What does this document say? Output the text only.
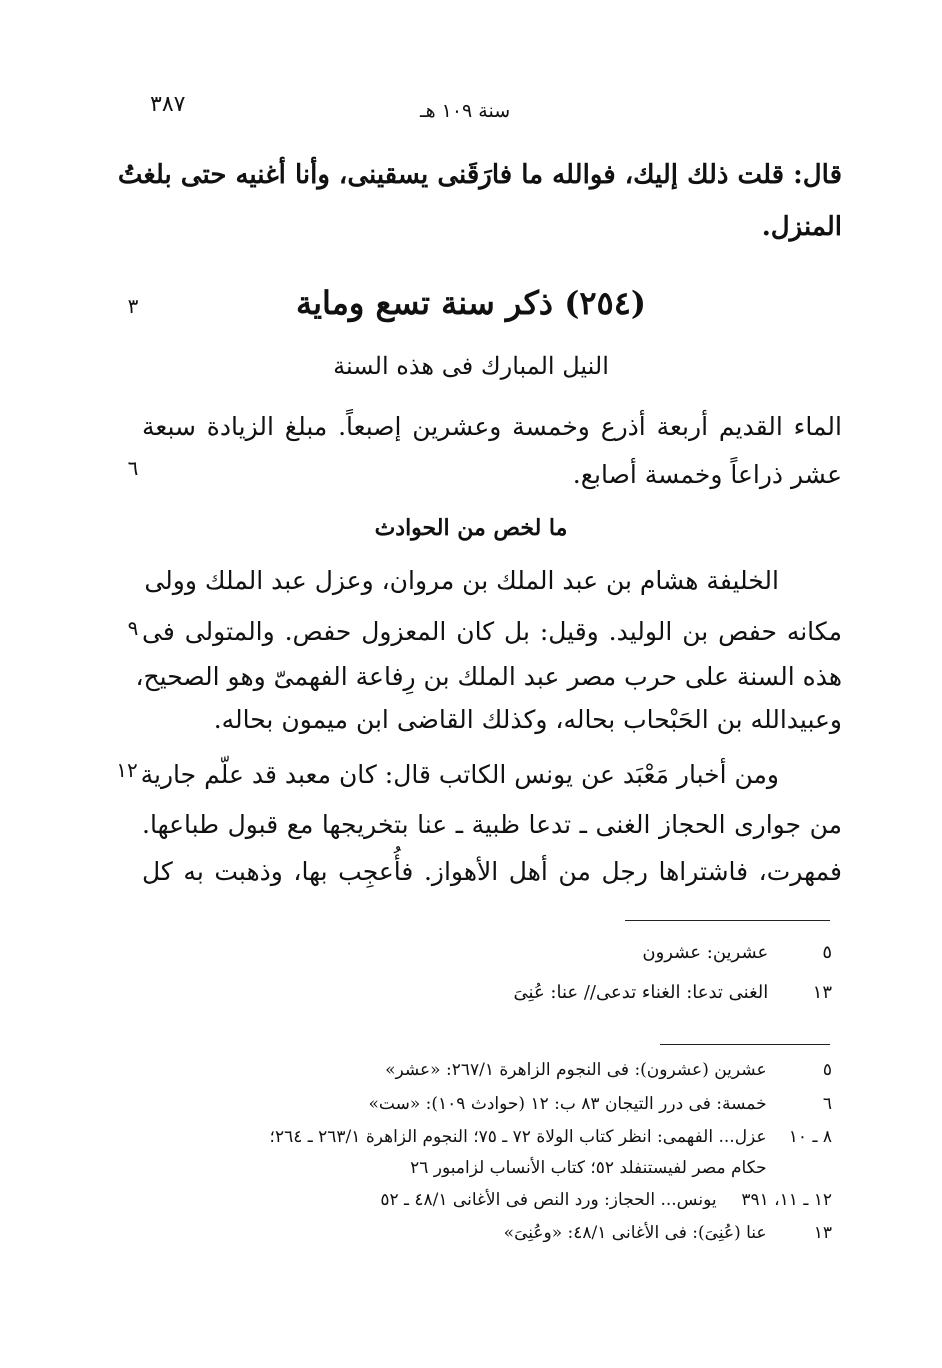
٣٨٧	سنة ١٠٩ هـ
قال: قلت ذلك إليك، فوالله ما فارَقَنى يسقينى، وأنا أغنيه حتى بلغتُ
المنزل.
(٢٥٤) ذكر سنة تسع وماية
٣
النيل المبارك فى هذه السنة
الماء القديم أربعة أذرع وخمسة وعشرين إصبعاً. مبلغ الزيادة سبعة
عشر ذراعاً وخمسة أصابع.
٦
ما لخص من الحوادث
الخليفة هشام بن عبد الملك بن مروان، وعزل عبد الملك وولى
مكانه حفص بن الوليد. وقيل: بل كان المعزول حفص. والمتولى فى
٩
هذه السنة على حرب مصر عبد الملك بن رِفاعة الفهمىّ وهو الصحيح،
وعبيدالله بن الحَبْحاب بحاله، وكذلك القاضى ابن ميمون بحاله.
ومن أخبار مَعْبَد عن يونس الكاتب قال: كان معبد قد علّم جارية
١٢
من جوارى الحجاز الغنى ـ تدعا ظبية ـ عنا بتخريجها مع قبول طباعها.
فمهرت، فاشتراها رجل من أهل الأهواز. فأُعجِب بها، وذهبت به كل
٥ عشرين: عشرون
١٣ الغنى تدعا: الغناء تدعى// عنا: عُنِىَ
٥ عشرين (عشرون): فى النجوم الزاهرة ٢٦٧/١: «عشر»
٦ خمسة: فى درر التيجان ٨٣ ب: ١٢ (حوادث ١٠٩): «ست»
٨ ـ ١٠ عزل... الفهمى: انظر كتاب الولاة ٧٢ ـ ٧٥؛ النجوم الزاهرة ٢٦٣/١ ـ ٢٦٤؛
حكام مصر لفيستنفلد ٥٢؛ كتاب الأنساب لزامبور ٢٦
١٢ ـ ١١، ٣٩١ يونس... الحجاز: ورد النص فى الأغانى ٤٨/١ ـ ٥٢
١٣ عنا (عُنِىَ): فى الأغانى ٤٨/١: «وعُنِىَ»
